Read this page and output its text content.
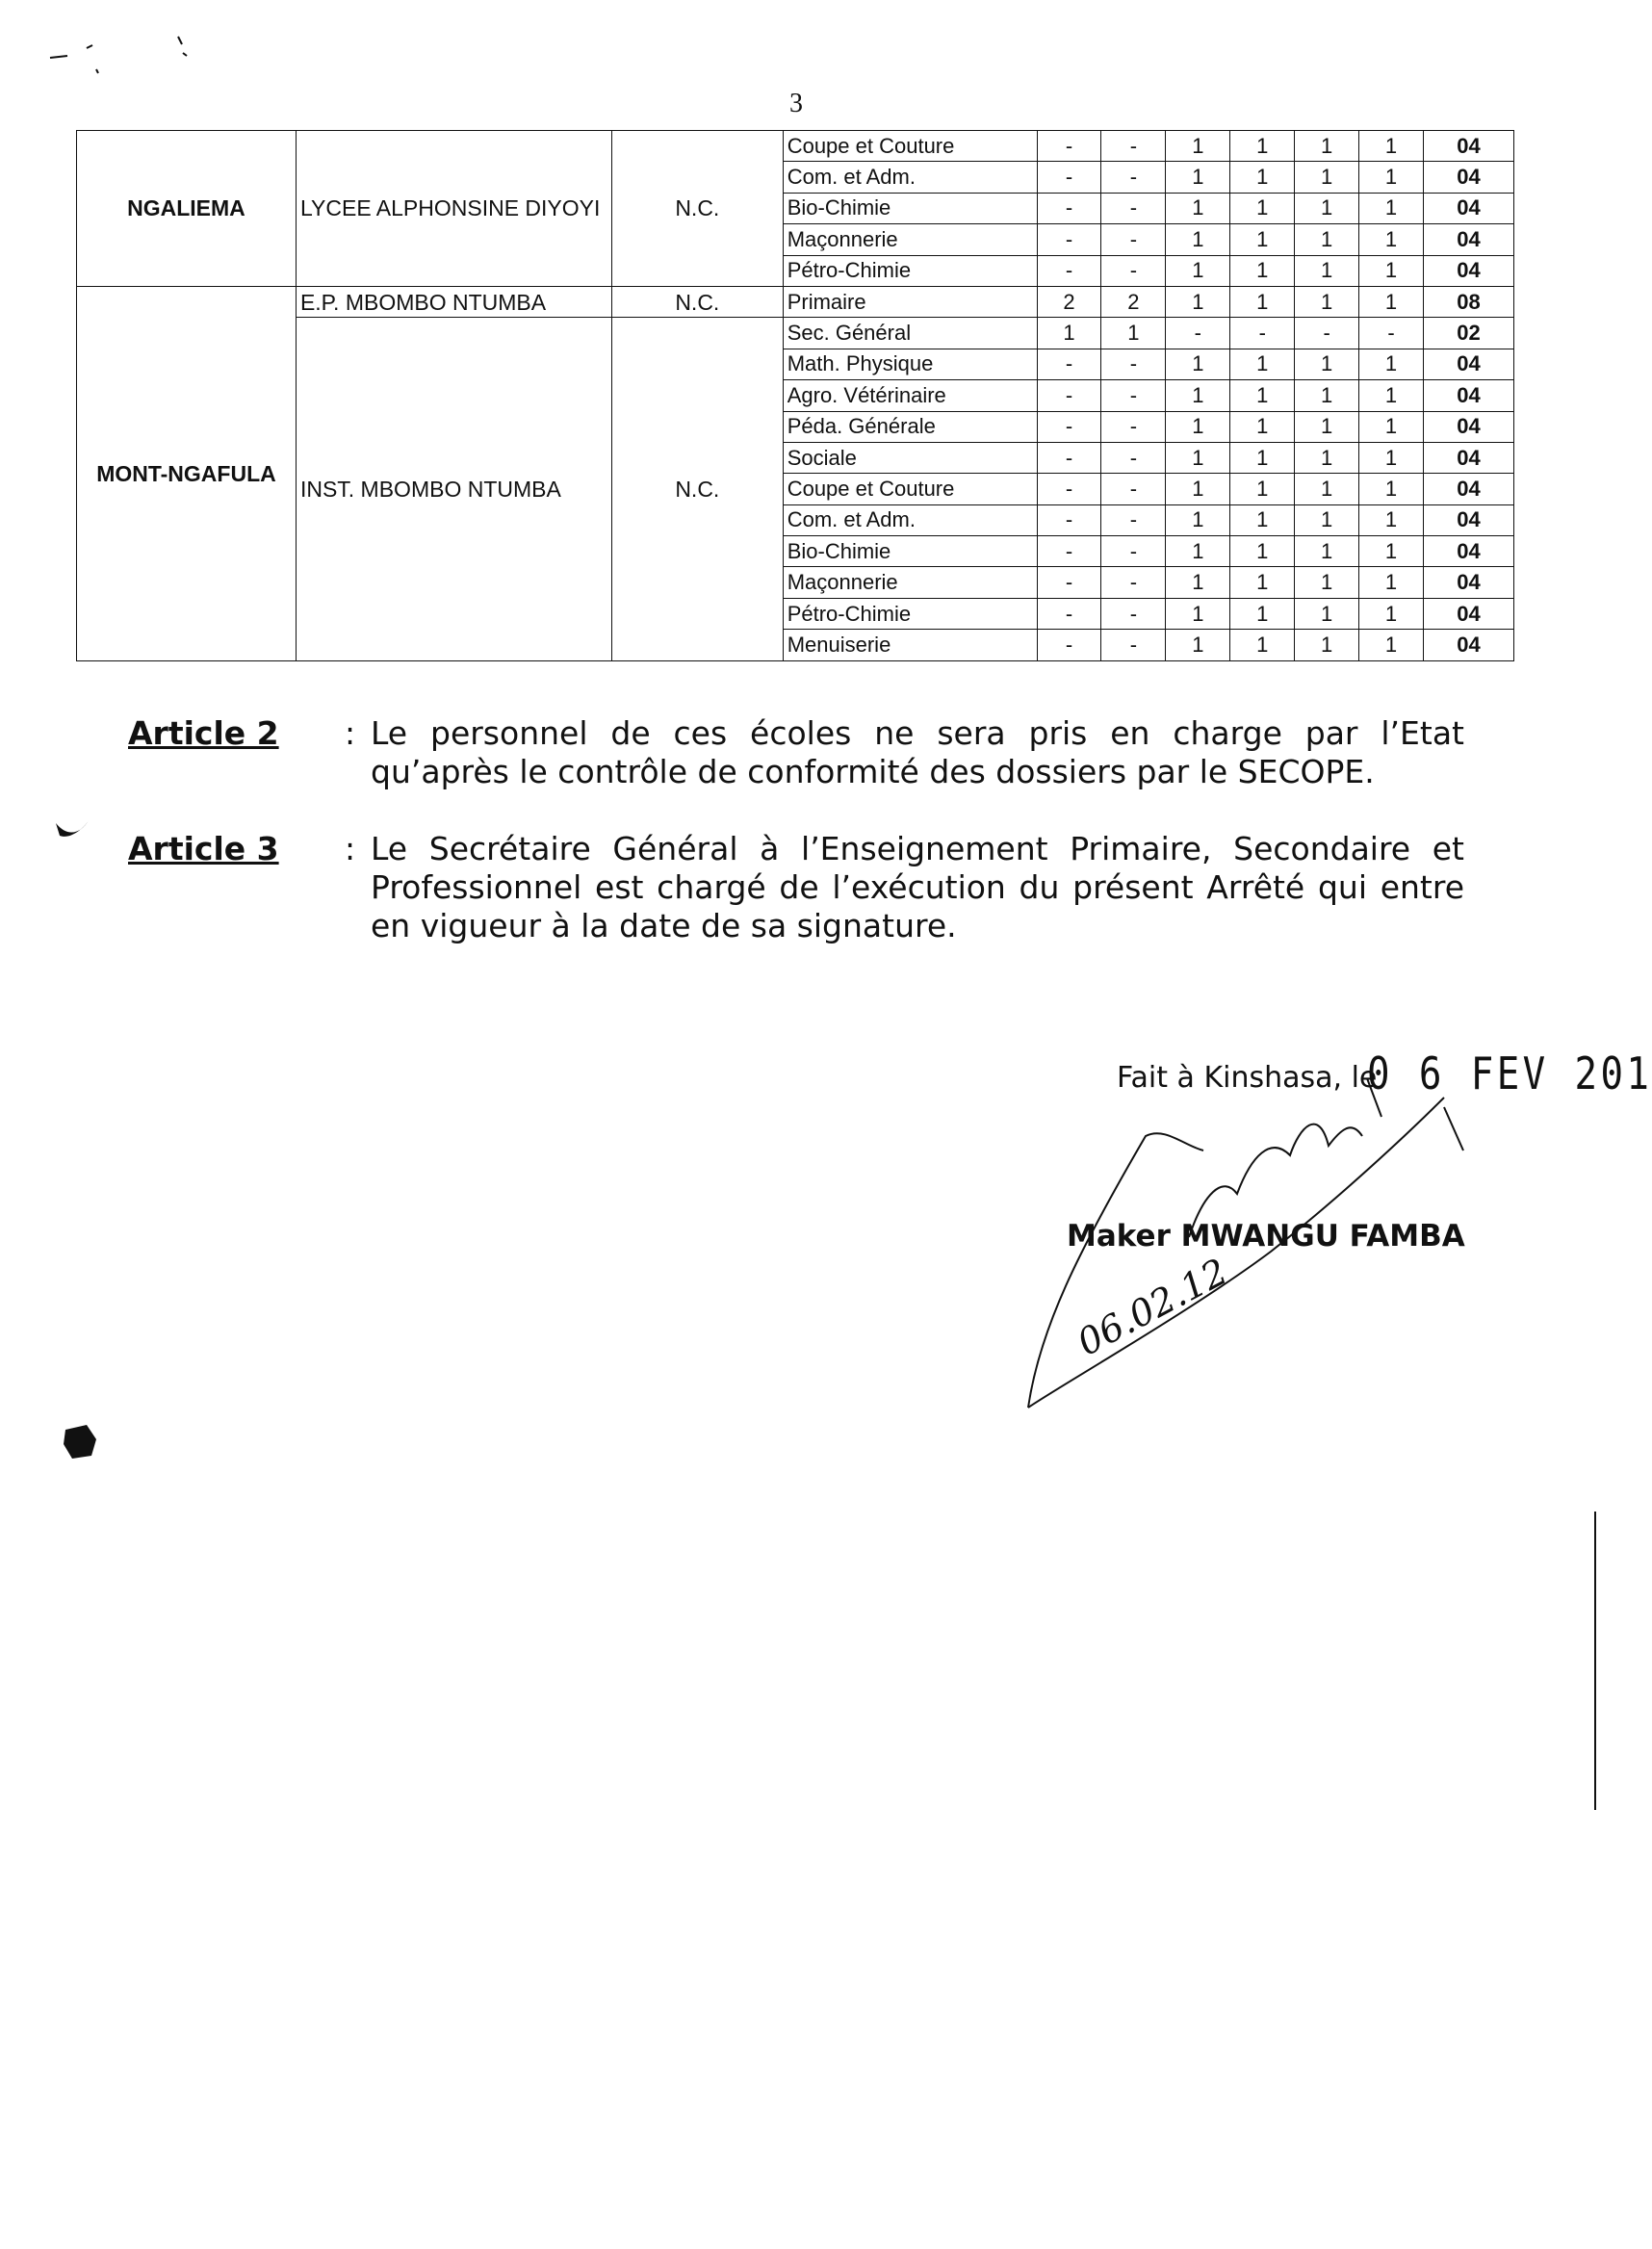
3
NGALIEMA	LYCEE ALPHONSINE DIYOYI	N.C.	Coupe et Couture	-	-	1	1	1	1	04
			Com. et Adm.	-	-	1	1	1	1	04
			Bio-Chimie	-	-	1	1	1	1	04
			Maçonnerie	-	-	1	1	1	1	04
			Pétro-Chimie	-	-	1	1	1	1	04
MONT-NGAFULA	E.P. MBOMBO NTUMBA	N.C.	Primaire	2	2	1	1	1	1	08
	INST. MBOMBO NTUMBA	N.C.	Sec. Général	1	1	-	-	-	-	02
			Math. Physique	-	-	1	1	1	1	04
			Agro. Vétérinaire	-	-	1	1	1	1	04
			Péda. Générale	-	-	1	1	1	1	04
			Sociale	-	-	1	1	1	1	04
			Coupe et Couture	-	-	1	1	1	1	04
			Com. et Adm.	-	-	1	1	1	1	04
			Bio-Chimie	-	-	1	1	1	1	04
			Maçonnerie	-	-	1	1	1	1	04
			Pétro-Chimie	-	-	1	1	1	1	04
			Menuiserie	-	-	1	1	1	1	04
Article 2 : Le personnel de ces écoles ne sera pris en charge par l’Etat qu’après le contrôle de conformité des dossiers par le SECOPE.
Article 3 : Le Secrétaire Général à l’Enseignement Primaire, Secondaire et Professionnel est chargé de l’exécution du présent Arrêté qui entre en vigueur à la date de sa signature.
Fait à Kinshasa, le
0 6 FEV 201
Maker MWANGU FAMBA
06.02.12
